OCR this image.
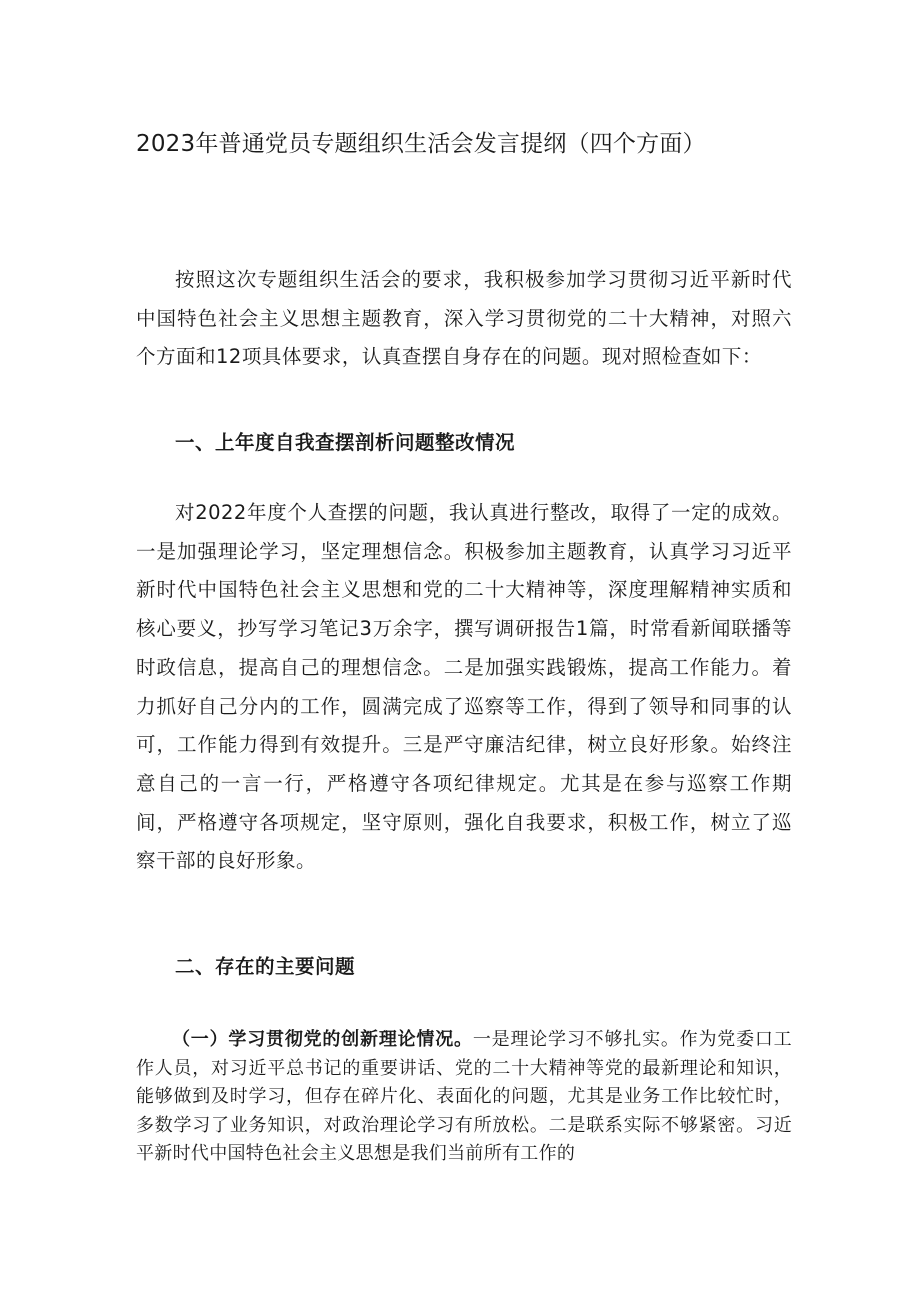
2023年普通党员专题组织生活会发言提纲（四个方面）

按照这次专题组织生活会的要求，我积极参加学习贯彻习近平新时代中国特色社会主义思想主题教育，深入学习贯彻党的二十大精神，对照六个方面和12项具体要求，认真查摆自身存在的问题。现对照检查如下：

一、上年度自我查摆剖析问题整改情况

对2022年度个人查摆的问题，我认真进行整改，取得了一定的成效。一是加强理论学习，坚定理想信念。积极参加主题教育，认真学习习近平新时代中国特色社会主义思想和党的二十大精神等，深度理解精神实质和核心要义，抄写学习笔记3万余字，撰写调研报告1篇，时常看新闻联播等时政信息，提高自己的理想信念。二是加强实践锻炼，提高工作能力。着力抓好自己分内的工作，圆满完成了巡察等工作，得到了领导和同事的认可，工作能力得到有效提升。三是严守廉洁纪律，树立良好形象。始终注意自己的一言一行，严格遵守各项纪律规定。尤其是在参与巡察工作期间，严格遵守各项规定，坚守原则，强化自我要求，积极工作，树立了巡察干部的良好形象。

二、存在的主要问题

（一）学习贯彻党的创新理论情况。一是理论学习不够扎实。作为党委口工作人员，对习近平总书记的重要讲话、党的二十大精神等党的最新理论和知识，能够做到及时学习，但存在碎片化、表面化的问题，尤其是业务工作比较忙时，多数学习了业务知识，对政治理论学习有所放松。二是联系实际不够紧密。习近平新时代中国特色社会主义思想是我们当前所有工作的
